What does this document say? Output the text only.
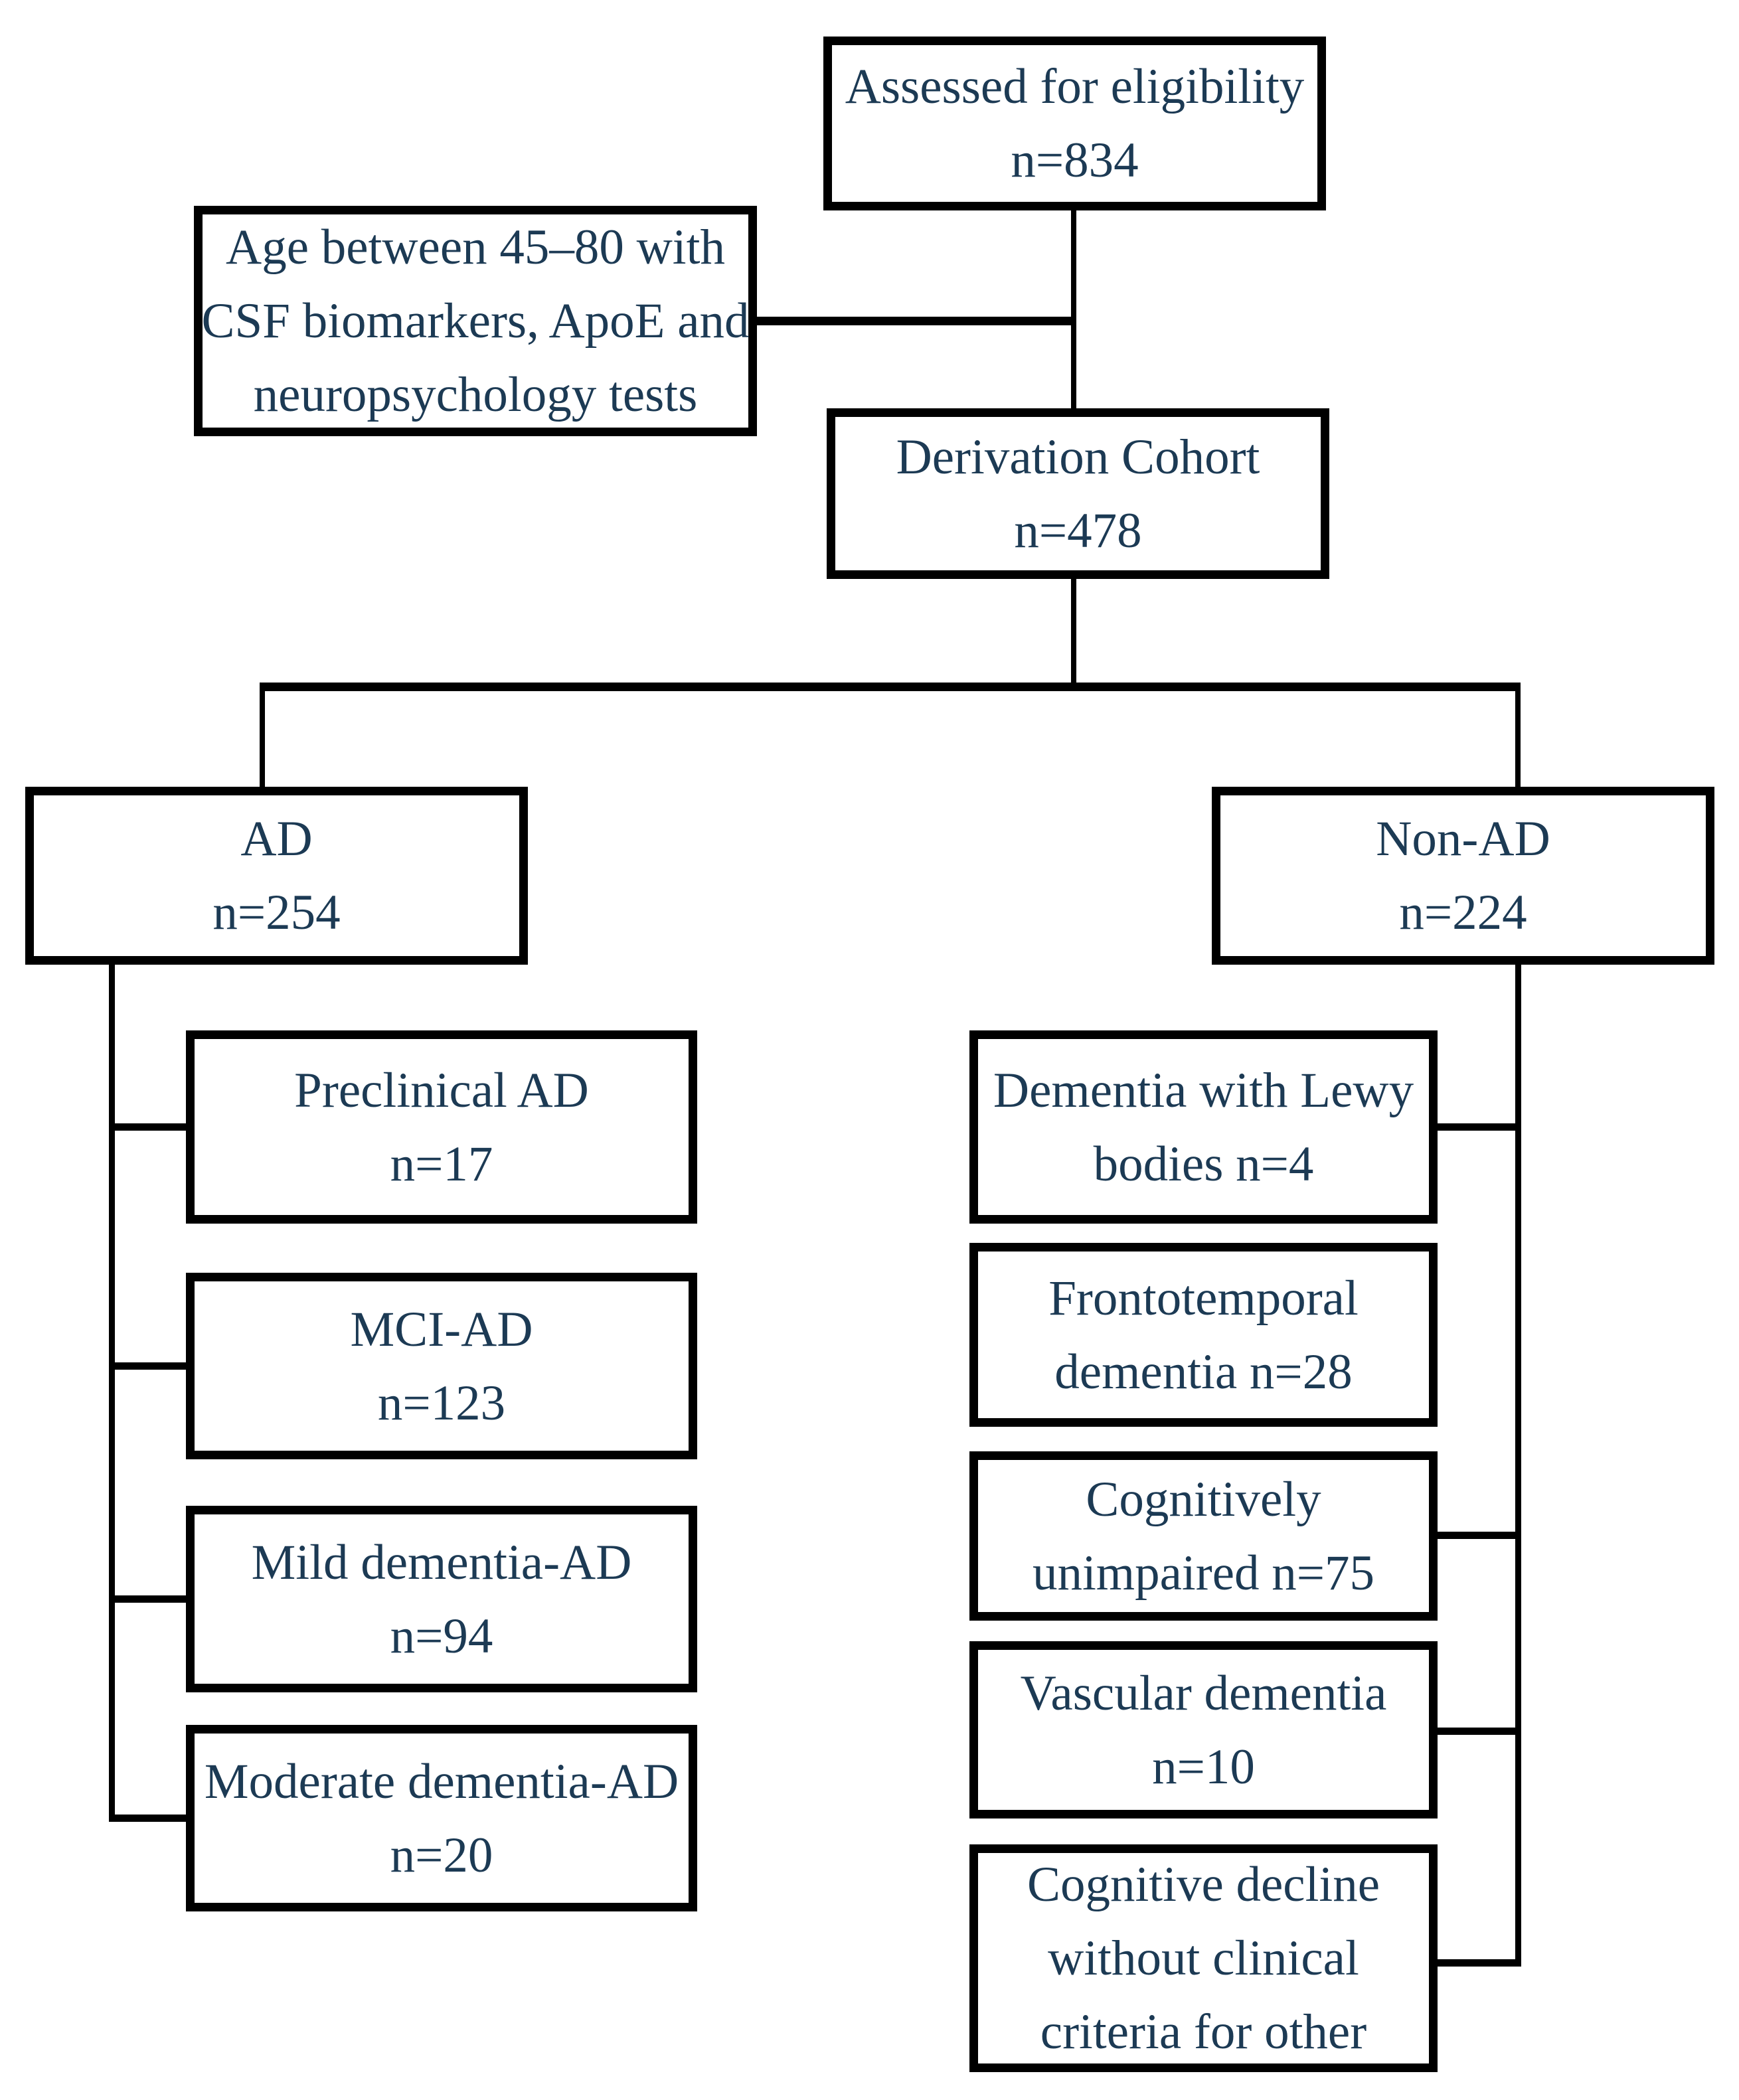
Assessed for eligibility
n=834
Age between 45–80 with
CSF biomarkers, ApoE and
neuropsychology tests
Derivation Cohort
n=478
AD
n=254
Non-AD
n=224
Preclinical AD
n=17
MCI-AD
n=123
Mild dementia-AD
n=94
Moderate dementia-AD
n=20
Dementia with Lewy
bodies n=4
Frontotemporal
dementia n=28
Cognitively
unimpaired n=75
Vascular dementia
n=10
Cognitive decline
without clinical
criteria for other
